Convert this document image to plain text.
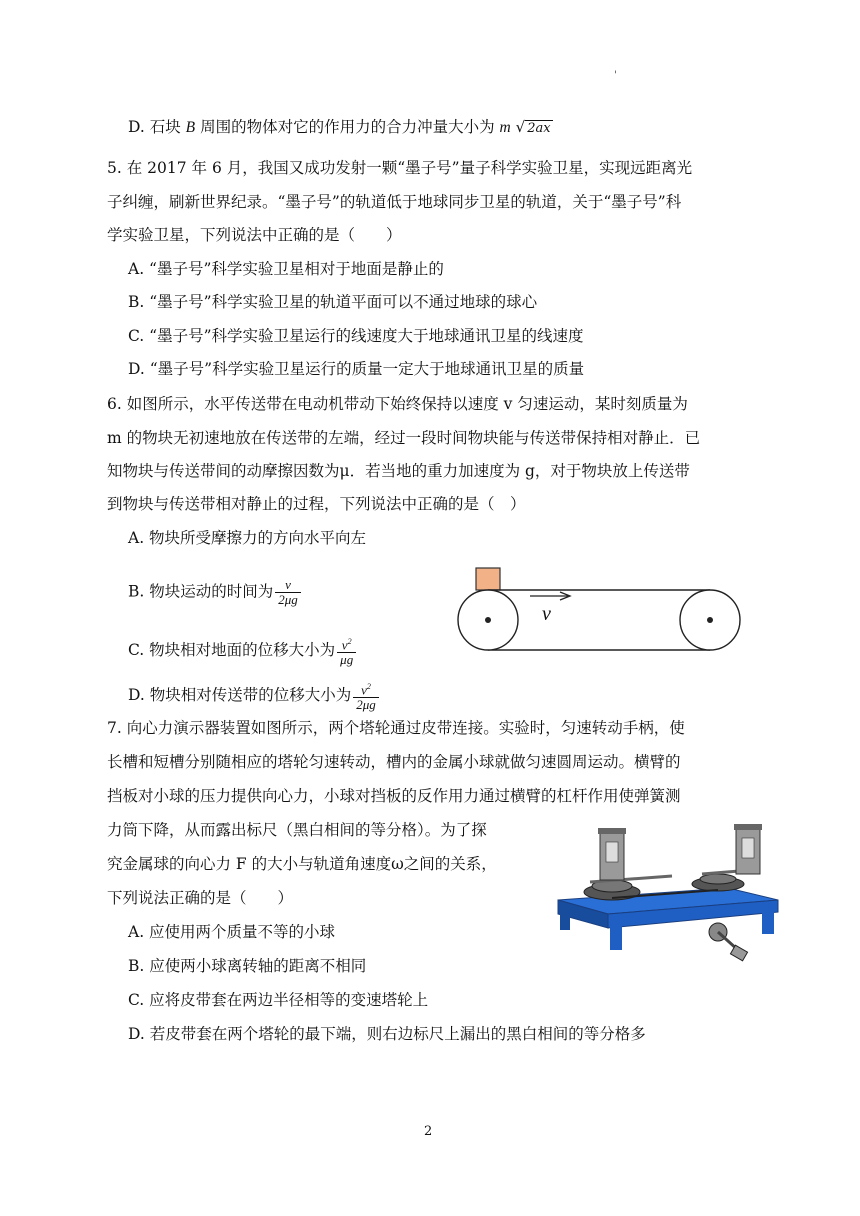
'
D. 石块 B 周围的物体对它的作用力的合力冲量大小为 m √ 2ax
5. 在 2017 年 6 月，我国又成功发射一颗“墨子号”量子科学实验卫星，实现远距离光
子纠缠，刷新世界纪录。“墨子号”的轨道低于地球同步卫星的轨道，关于“墨子号”科
学实验卫星，下列说法中正确的是（　　）
A. “墨子号”科学实验卫星相对于地面是静止的
B. “墨子号”科学实验卫星的轨道平面可以不通过地球的球心
C. “墨子号”科学实验卫星运行的线速度大于地球通讯卫星的线速度
D. “墨子号”科学实验卫星运行的质量一定大于地球通讯卫星的质量
6. 如图所示，水平传送带在电动机带动下始终保持以速度 v 匀速运动，某时刻质量为
m 的物块无初速地放在传送带的左端，经过一段时间物块能与传送带保持相对静止．已
知物块与传送带间的动摩擦因数为μ．若当地的重力加速度为 g，对于物块放上传送带
到物块与传送带相对静止的过程，下列说法中正确的是（　）
A. 物块所受摩擦力的方向水平向左
B. 物块运动的时间为 $\frac{v}{2\mu g}$
C. 物块相对地面的位移大小为 $\frac{v^2}{\mu g}$
D. 物块相对传送带的位移大小为 $\frac{v^2}{2\mu g}$
v
7. 向心力演示器装置如图所示，两个塔轮通过皮带连接。实验时，匀速转动手柄，使
长槽和短槽分别随相应的塔轮匀速转动，槽内的金属小球就做匀速圆周运动。横臂的
挡板对小球的压力提供向心力，小球对挡板的反作用力通过横臂的杠杆作用使弹簧测
力筒下降，从而露出标尺（黑白相间的等分格）。为了探
究金属球的向心力 F 的大小与轨道角速度ω之间的关系，
下列说法正确的是（　　）
A. 应使用两个质量不等的小球
B. 应使两小球离转轴的距离不相同
C. 应将皮带套在两边半径相等的变速塔轮上
D. 若皮带套在两个塔轮的最下端，则右边标尺上漏出的黑白相间的等分格多
2
